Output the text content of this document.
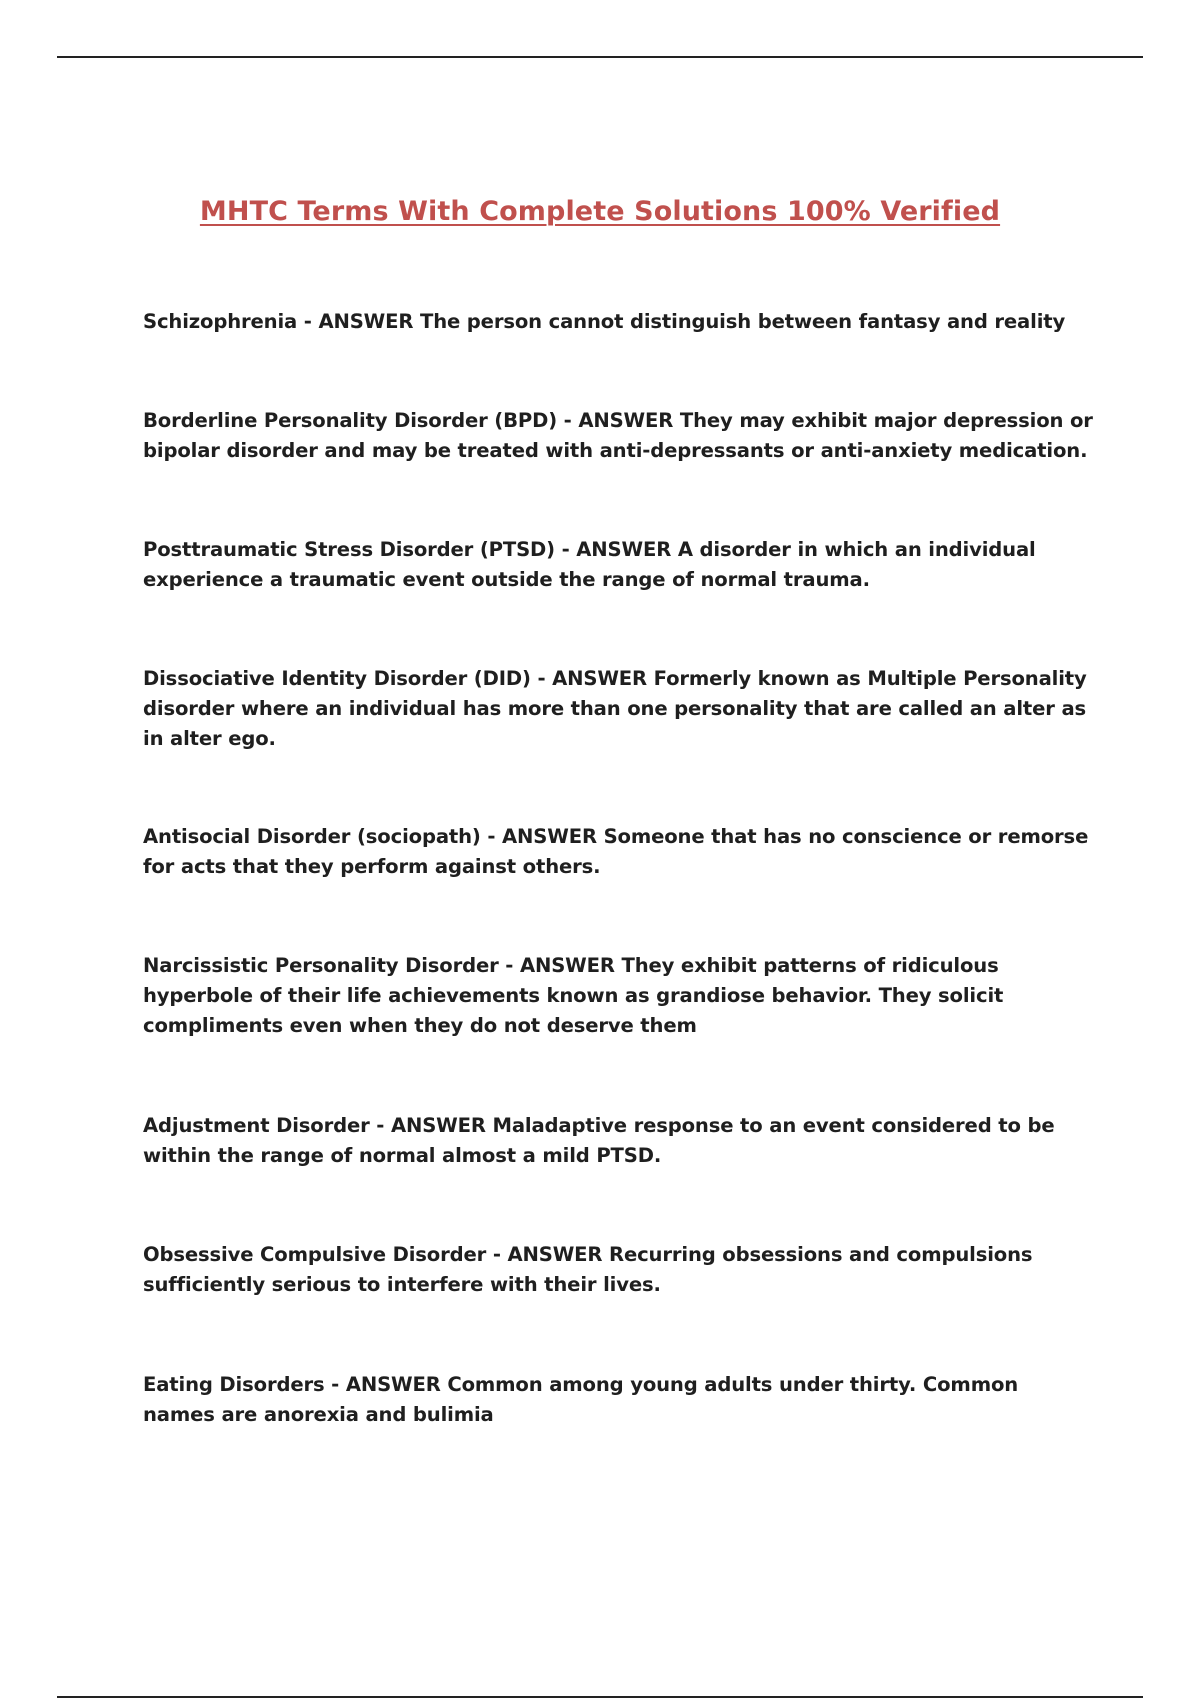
MHTC Terms With Complete Solutions 100% Verified
Schizophrenia - ANSWER The person cannot distinguish between fantasy and reality
Borderline Personality Disorder (BPD) - ANSWER They may exhibit major depression or bipolar disorder and may be treated with anti-depressants or anti-anxiety medication.
Posttraumatic Stress Disorder (PTSD) - ANSWER A disorder in which an individual experience a traumatic event outside the range of normal trauma.
Dissociative Identity Disorder (DID) - ANSWER Formerly known as Multiple Personality disorder where an individual has more than one personality that are called an alter as in alter ego.
Antisocial Disorder (sociopath) - ANSWER Someone that has no conscience or remorse for acts that they perform against others.
Narcissistic Personality Disorder - ANSWER They exhibit patterns of ridiculous hyperbole of their life achievements known as grandiose behavior. They solicit compliments even when they do not deserve them
Adjustment Disorder - ANSWER Maladaptive response to an event considered to be within the range of normal almost a mild PTSD.
Obsessive Compulsive Disorder - ANSWER Recurring obsessions and compulsions sufficiently serious to interfere with their lives.
Eating Disorders - ANSWER Common among young adults under thirty. Common names are anorexia and bulimia
